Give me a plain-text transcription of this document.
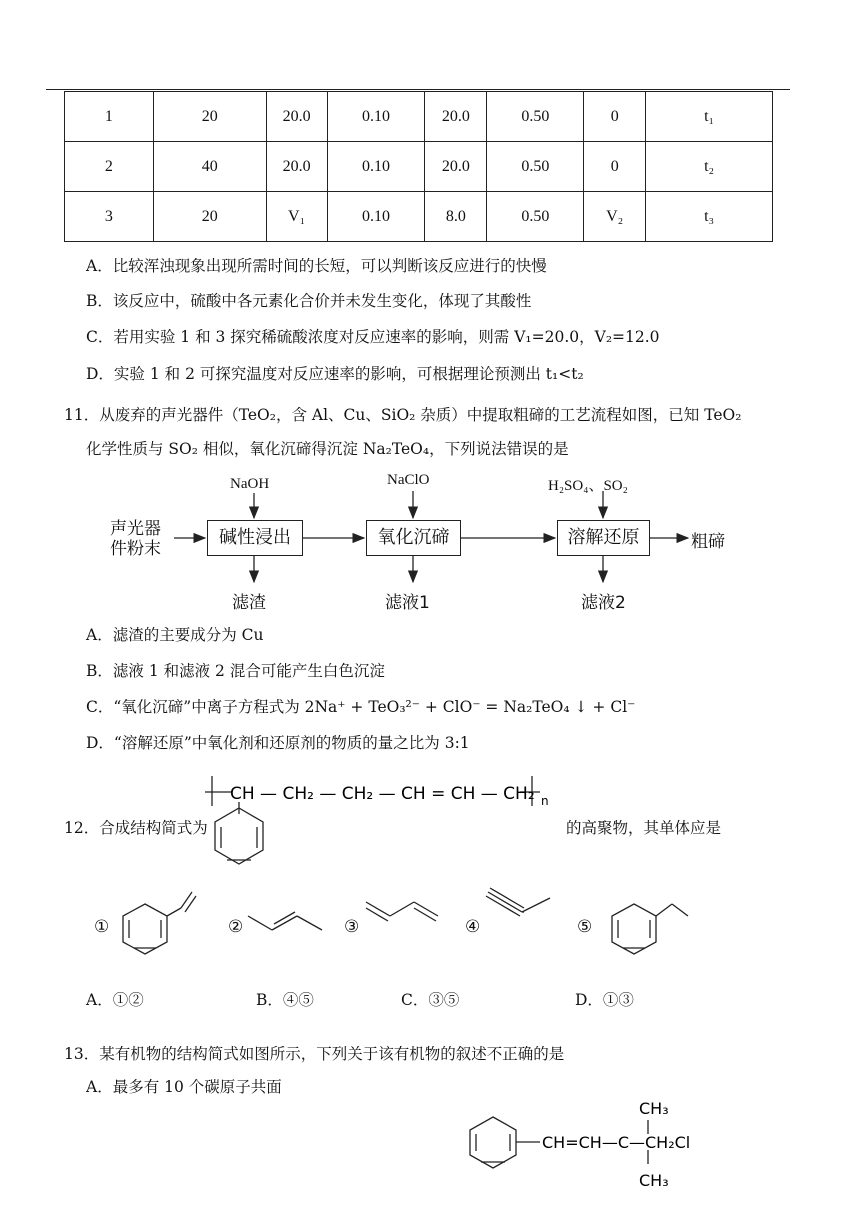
1	20	20.0	0.10	20.0	0.50	0	t₁
2	40	20.0	0.10	20.0	0.50	0	t₂
3	20	V₁	0.10	8.0	0.50	V₂	t₃
A．比较浑浊现象出现所需时间的长短，可以判断该反应进行的快慢
B．该反应中，硫酸中各元素化合价并未发生变化，体现了其酸性
C．若用实验 1 和 3 探究稀硫酸浓度对反应速率的影响，则需 V₁=20.0，V₂=12.0
D．实验 1 和 2 可探究温度对反应速率的影响，可根据理论预测出 t₁<t₂
11．从废弃的声光器件（TeO₂，含 Al、Cu、SiO₂ 杂质）中提取粗碲的工艺流程如图，已知 TeO₂
化学性质与 SO₂ 相似，氧化沉碲得沉淀 Na₂TeO₄，下列说法错误的是
声光器
件粉末
碱性浸出	氧化沉碲	溶解还原	粗碲
NaOH	NaClO	H₂SO₄、SO₂
滤渣	滤液1	滤液2
A．滤渣的主要成分为 Cu
B．滤液 1 和滤液 2 混合可能产生白色沉淀
C．“氧化沉碲”中离子方程式为 2Na⁺ + TeO₃²⁻ + ClO⁻ = Na₂TeO₄ ↓ + Cl⁻
D．“溶解还原”中氧化剂和还原剂的物质的量之比为 3:1
CH — CH₂ — CH₂ — CH = CH — CH₂ n
12．合成结构简式为	的高聚物，其单体应是
①	②	③	④	⑤
A．①②	B．④⑤	C．③⑤	D．①③
13．某有机物的结构简式如图所示，下列关于该有机物的叙述不正确的是
A．最多有 10 个碳原子共面
CH=CH—C—CH₂Cl
CH₃
CH₃
